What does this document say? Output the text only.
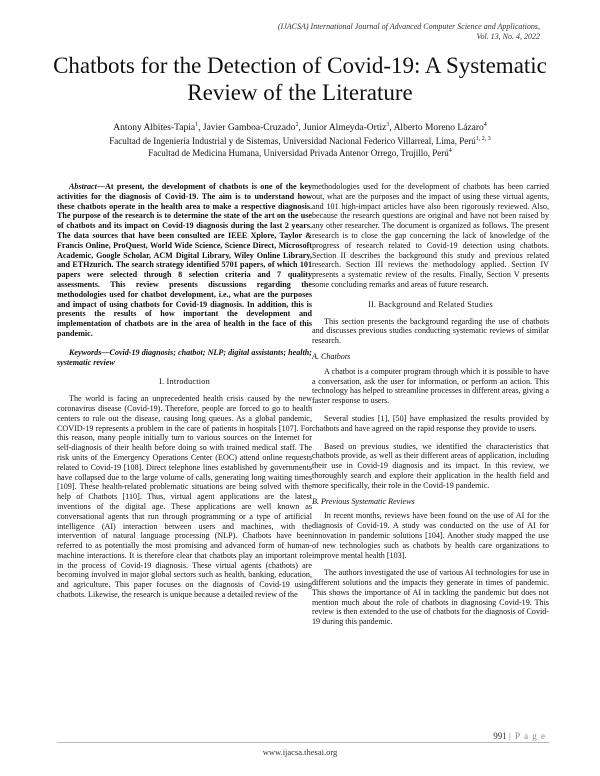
(IJACSA) International Journal of Advanced Computer Science and Applications,
Vol. 13, No. 4, 2022
Chatbots for the Detection of Covid-19: A Systematic
Review of the Literature
Antony Albites-Tapia$^1$, Javier Gamboa-Cruzado$^2$, Junior Almeyda-Ortiz$^3$, Alberto Moreno Lázaro$^4$
Facultad de Ingeniería Industrial y de Sistemas, Universidad Nacional Federico Villarreal, Lima, Perú$^{1, 2, 3}$
Facultad de Medicina Humana, Universidad Privada Antenor Orrego, Trujillo, Perú$^4$

Abstract—At present, the development of chatbots is one of the key activities for the diagnosis of Covid-19. The aim is to understand how these chatbots operate in the health area to make a respective diagnosis. The purpose of the research is to determine the state of the art on the use of chatbots and its impact on Covid-19 diagnosis during the last 2 years. The data sources that have been consulted are IEEE Xplore, Taylor & Francis Online, ProQuest, World Wide Science, Science Direct, Microsoft Academic, Google Scholar, ACM Digital Library, Wiley Online Library, and ETHzurich. The search strategy identified 5701 papers, of which 101 papers were selected through 8 selection criteria and 7 quality assessments. This review presents discussions regarding the methodologies used for chatbot development, i.e., what are the purposes and impact of using chatbots for Covid-19 diagnosis. In addition, this is presents the results of how important the development and implementation of chatbots are in the area of health in the face of this pandemic.

Keywords—Covid-19 diagnosis; chatbot; NLP; digital assistants; health; systematic review

I. Introduction

The world is facing an unprecedented health crisis caused by the new coronavirus disease (Covid-19). Therefore, people are forced to go to health centers to rule out the disease, causing long queues. As a global pandemic, COVID-19 represents a problem in the care of patients in hospitals [107]. For this reason, many people initially turn to various sources on the Internet for self-diagnosis of their health before doing so with trained medical staff. The risk units of the Emergency Operations Center (EOC) attend online requests related to Covid-19 [108]. Direct telephone lines established by governments have collapsed due to the large volume of calls, generating long waiting times [109]. These health-related problematic situations are being solved with the help of Chatbots [110]. Thus, virtual agent applications are the latest inventions of the digital age. These applications are well known as conversational agents that run through programming or a type of artificial intelligence (AI) interaction between users and machines, with the intervention of natural language processing (NLP). Chatbots have been referred to as potentially the most promising and advanced form of human-machine interactions. It is therefore clear that chatbots play an important role in the process of Covid-19 diagnosis. These virtual agents (chatbots) are becoming involved in major global sectors such as health, banking, education, and agriculture. This paper focuses on the diagnosis of Covid-19 using chatbots. Likewise, the research is unique because a detailed review of the

methodologies used for the development of chatbots has been carried out, what are the purposes and the impact of using these virtual agents, and 101 high-impact articles have also been rigorously reviewed. Also, because the research questions are original and have not been raised by any other researcher. The document is organized as follows. The present research is to close the gap concerning the lack of knowledge of the progress of research related to Covid-19 detection using chatbots. Section II describes the background this study and previous related research. Section III reviews the methodology applied. Section IV presents a systematic review of the results. Finally, Section V presents some concluding remarks and areas of future research.

II. Background and Related Studies

This section presents the background regarding the use of chatbots and discusses previous studies conducting systematic reviews of similar research.

A. Chatbots

A chatbot is a computer program through which it is possible to have a conversation, ask the user for information, or perform an action. This technology has helped to streamline processes in different areas, giving a faster response to users.

Several studies [1], [50] have emphasized the results provided by chatbots and have agreed on the rapid response they provide to users.

Based on previous studies, we identified the characteristics that chatbots provide, as well as their different areas of application, including their use in Covid-19 diagnosis and its impact. In this review, we thoroughly search and explore their application in the health field and more specifically, their role in the Covid-19 pandemic.

B. Previous Systematic Reviews

In recent months, reviews have been found on the use of AI for the diagnosis of Covid-19. A study was conducted on the use of AI for innovation in pandemic solutions [104]. Another study mapped the use of new technologies such as chatbots by health care organizations to improve mental health [103].

The authors investigated the use of various AI technologies for use in different solutions and the impacts they generate in times of pandemic. This shows the importance of AI in tackling the pandemic but does not mention much about the role of chatbots in diagnosing Covid-19. This review is then extended to the use of chatbots for the diagnosis of Covid-19 during this pandemic.

991 | P a g e
www.ijacsa.thesai.org
